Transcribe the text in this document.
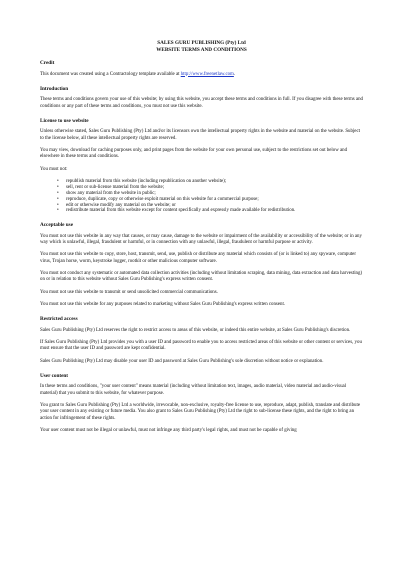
SALES GURU PUBLISHING (Pty) Ltd
WEBSITE TERMS AND CONDITIONS
Credit

This document was created using a Contractology template available at http://www.freenetlaw.com.

Introduction

These terms and conditions govern your use of this website; by using this website, you accept these terms and conditions in full. If you disagree with these terms and conditions or any part of these terms and conditions, you must not use this website.

License to use website

Unless otherwise stated, Sales Guru Publishing (Pty) Ltd and/or its licensors own the intellectual property rights in the website and material on the website. Subject to the license below, all these intellectual property rights are reserved.

You may view, download for caching purposes only, and print pages from the website for your own personal use, subject to the restrictions set out below and elsewhere in these terms and conditions.

You must not:

• republish material from this website (including republication on another website);
• sell, rent or sub-license material from the website;
• show any material from the website in public;
• reproduce, duplicate, copy or otherwise exploit material on this website for a commercial purpose;
• edit or otherwise modify any material on the website; or
• redistribute material from this website except for content specifically and expressly made available for redistribution.
Acceptable use

You must not use this website in any way that causes, or may cause, damage to the website or impairment of the availability or accessibility of the website; or in any way which is unlawful, illegal, fraudulent or harmful, or in connection with any unlawful, illegal, fraudulent or harmful purpose or activity.

You must not use this website to copy, store, host, transmit, send, use, publish or distribute any material which consists of (or is linked to) any spyware, computer virus, Trojan horse, worm, keystroke logger, rootkit or other malicious computer software.

You must not conduct any systematic or automated data collection activities (including without limitation scraping, data mining, data extraction and data harvesting) on or in relation to this website without Sales Guru Publishing's express written consent.

You must not use this website to transmit or send unsolicited commercial communications.

You must not use this website for any purposes related to marketing without Sales Guru Publishing's express written consent.

Restricted access

Sales Guru Publishing (Pty) Ltd reserves the right to restrict access to areas of this website, or indeed this entire website, at Sales Guru Publishing's discretion.

If Sales Guru Publishing (Pty) Ltd provides you with a user ID and password to enable you to access restricted areas of this website or other content or services, you must ensure that the user ID and password are kept confidential.

Sales Guru Publishing (Pty) Ltd may disable your user ID and password at Sales Guru Publishing's sole discretion without notice or explanation.

User content

In these terms and conditions, "your user content" means material (including without limitation text, images, audio material, video material and audio-visual material) that you submit to this website, for whatever purpose.

You grant to Sales Guru Publishing (Pty) Ltd a worldwide, irrevocable, non-exclusive, royalty-free license to use, reproduce, adapt, publish, translate and distribute your user content in any existing or future media. You also grant to Sales Guru Publishing (Pty) Ltd the right to sub-license these rights, and the right to bring an action for infringement of these rights.

Your user content must not be illegal or unlawful, must not infringe any third party's legal rights, and must not be capable of giving
